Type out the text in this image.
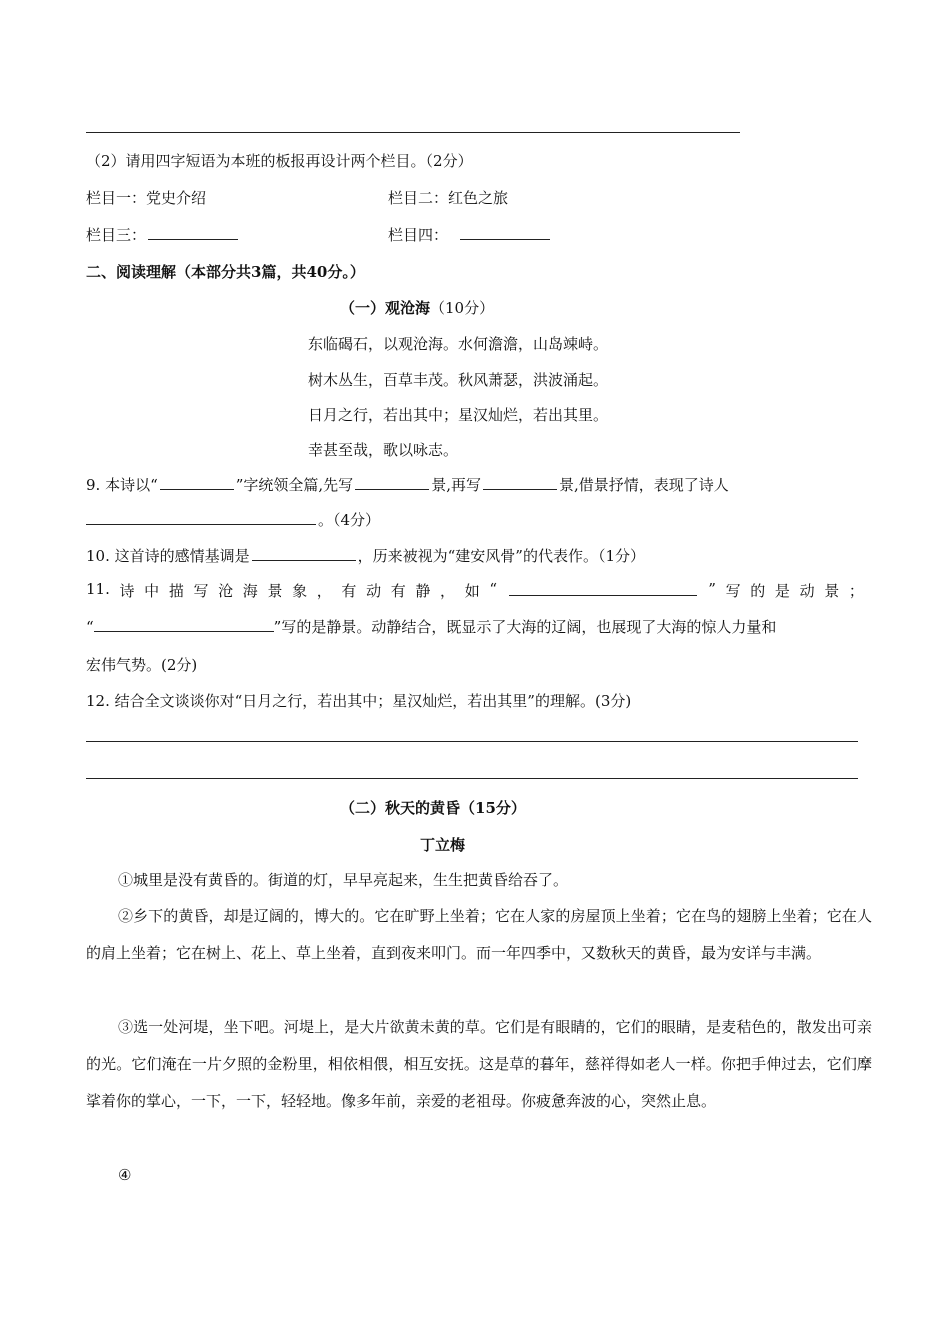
（2）请用四字短语为本班的板报再设计两个栏目。（2分）
栏目一：党史介绍	栏目二：红色之旅
栏目三：	栏目四：
二、阅读理解（本部分共3篇，共40分。）
（一）观沧海（10分）
东临碣石，以观沧海。水何澹澹，山岛竦峙。
树木丛生，百草丰茂。秋风萧瑟，洪波涌起。
日月之行，若出其中；星汉灿烂，若出其里。
幸甚至哉，歌以咏志。
9. 本诗以“	”字统领全篇,先写	景,再写	景,借景抒情，表现了诗人
。（4分）
10. 这首诗的感情基调是	，历来被视为“建安风骨”的代表作。（1分）
11. 诗 中 描 写 沧 海 景 象 ， 有 动 有 静 ， 如 “	” 写 的 是 动 景 ；
“	”写的是静景。动静结合，既显示了大海的辽阔，也展现了大海的惊人力量和
宏伟气势。(2分)
12. 结合全文谈谈你对“日月之行，若出其中；星汉灿烂，若出其里”的理解。(3分)
（二）秋天的黄昏（15分）
丁立梅
①城里是没有黄昏的。街道的灯，早早亮起来，生生把黄昏给吞了。
②乡下的黄昏，却是辽阔的，博大的。它在旷野上坐着；它在人家的房屋顶上坐着；它在鸟的翅膀上坐着；它在人的肩上坐着；它在树上、花上、草上坐着，直到夜来叩门。而一年四季中，又数秋天的黄昏，最为安详与丰满。
③选一处河堤，坐下吧。河堤上，是大片欲黄未黄的草。它们是有眼睛的，它们的眼睛，是麦秸色的，散发出可亲的光。它们淹在一片夕照的金粉里，相依相偎，相互安抚。这是草的暮年，慈祥得如老人一样。你把手伸过去，它们摩挲着你的掌心，一下，一下，轻轻地。像多年前，亲爱的老祖母。你疲惫奔波的心，突然止息。
④
